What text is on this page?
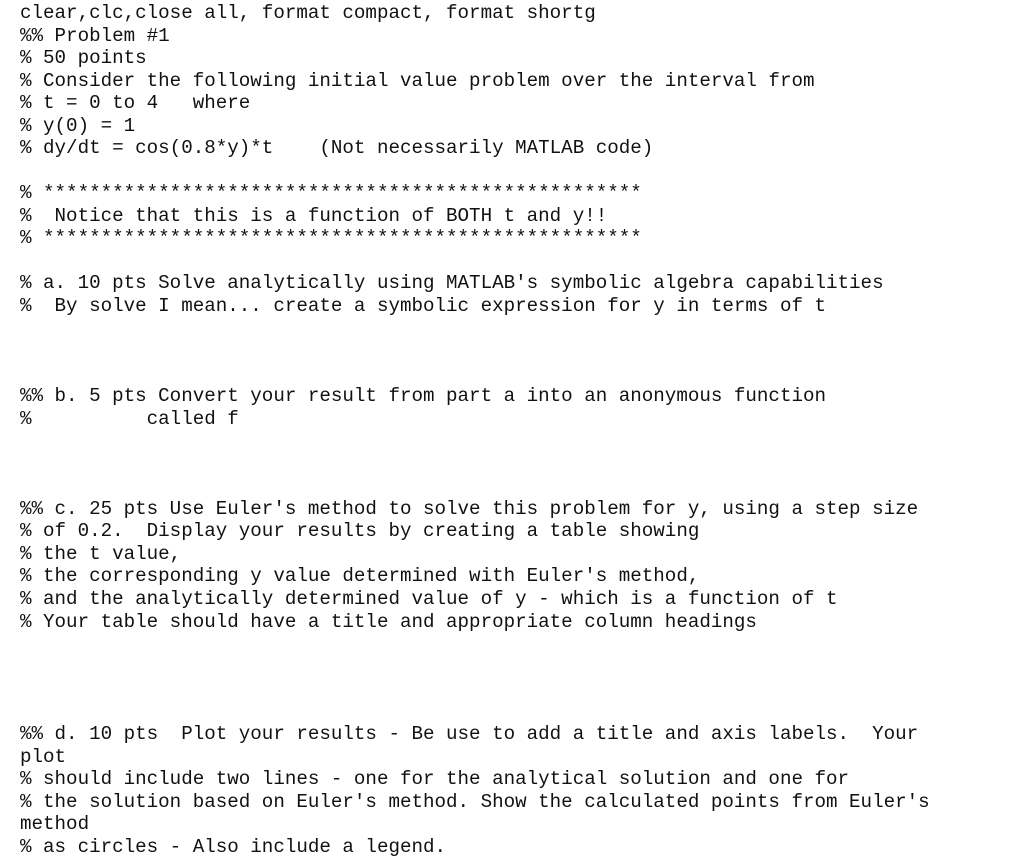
clear,clc,close all, format compact, format shortg
%% Problem #1
% 50 points
% Consider the following initial value problem over the interval from
% t = 0 to 4   where
% y(0) = 1
% dy/dt = cos(0.8*y)*t    (Not necessarily MATLAB code)
% ****************************************************
%  Notice that this is a function of BOTH t and y!!
% ****************************************************
% a. 10 pts Solve analytically using MATLAB's symbolic algebra capabilities
%  By solve I mean... create a symbolic expression for y in terms of t
%% b. 5 pts Convert your result from part a into an anonymous function
%          called f
%% c. 25 pts Use Euler's method to solve this problem for y, using a step size
% of 0.2.  Display your results by creating a table showing
% the t value,
% the corresponding y value determined with Euler's method,
% and the analytically determined value of y - which is a function of t
% Your table should have a title and appropriate column headings
%% d. 10 pts  Plot your results - Be use to add a title and axis labels.  Your
plot
% should include two lines - one for the analytical solution and one for
% the solution based on Euler's method. Show the calculated points from Euler's
method
% as circles - Also include a legend.
